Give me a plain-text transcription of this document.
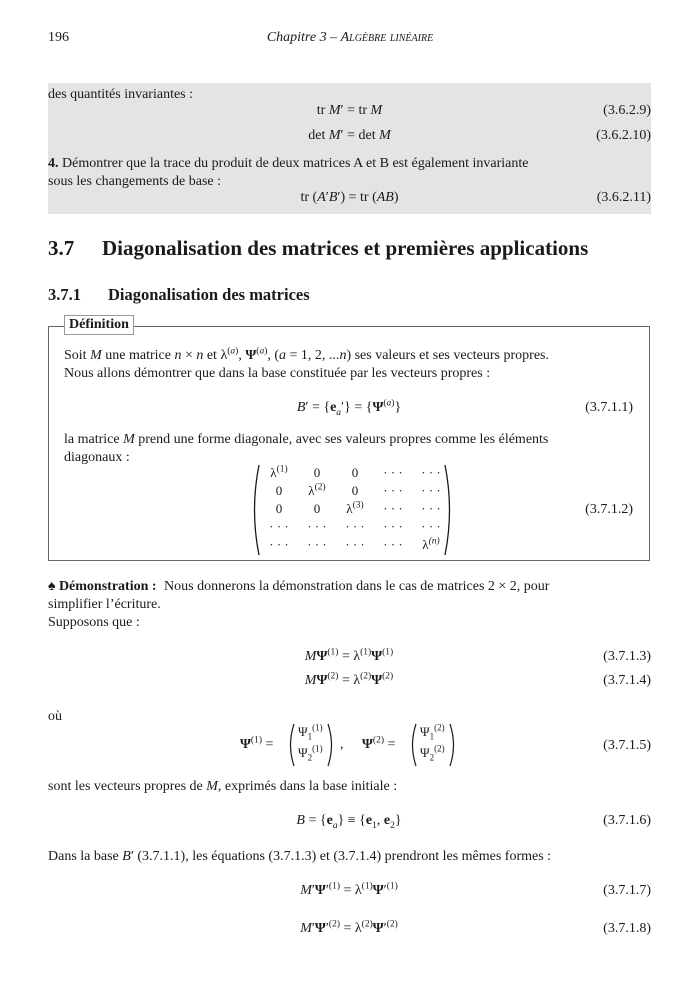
196	Chapitre 3 – Algèbre linéaire
des quantités invariantes :
tr M′ = tr M	(3.6.2.9)
det M′ = det M	(3.6.2.10)
4. Démontrer que la trace du produit de deux matrices A et B est également invariante
sous les changements de base :
tr (A′B′) = tr (AB)	(3.6.2.11)
3.7 Diagonalisation des matrices et premières applications
3.7.1 Diagonalisation des matrices
Soit M une matrice n × n et $\lambda^{(a)}$, $\Psi^{(a)}$, (a = 1, 2, ...n) ses valeurs et ses vecteurs propres.
Nous allons démontrer que dans la base constituée par les vecteurs propres :
$B' = \{e_a'\} = \{\Psi^{(a)}\}$	(3.7.1.1)
la matrice M prend une forme diagonale, avec ses valeurs propres comme les éléments
diagonaux :
$\lambda^{(1)}$	0	0	· · ·	· · ·
0	$\lambda^{(2)}$	0	· · ·	· · ·
0	0	$\lambda^{(3)}$	· · ·	· · ·
· · ·	· · ·	· · ·	· · ·	· · ·
· · ·	· · ·	· · ·	· · ·	$\lambda^{(n)}$
(3.7.1.2)
Définition
♠ Démonstration : Nous donnerons la démonstration dans le cas de matrices 2 × 2, pour
simplifier l’écriture.
Supposons que :
$M\Psi^{(1)} = \lambda^{(1)}\Psi^{(1)}$	(3.7.1.3)
$M\Psi^{(2)} = \lambda^{(2)}\Psi^{(2)}$	(3.7.1.4)
où
$\Psi^{(1)}$ =
$\Psi_1^{(1)}$
$\Psi_2^{(1)}$ , $\Psi^{(2)}$ =
$\Psi_1^{(2)}$
$\Psi_2^{(2)}$	(3.7.1.5)
sont les vecteurs propres de M, exprimés dans la base initiale :
$B = \{e_a\} \equiv \{e_1$, $e_2$}	(3.7.1.6)
Dans la base B′ (3.7.1.1), les équations (3.7.1.3) et (3.7.1.4) prendront les mêmes formes :
$M'\Psi'^{(1)} = \lambda^{(1)}\Psi'^{(1)}$	(3.7.1.7)
$M'\Psi'^{(2)} = \lambda^{(2)}\Psi'^{(2)}$	(3.7.1.8)
